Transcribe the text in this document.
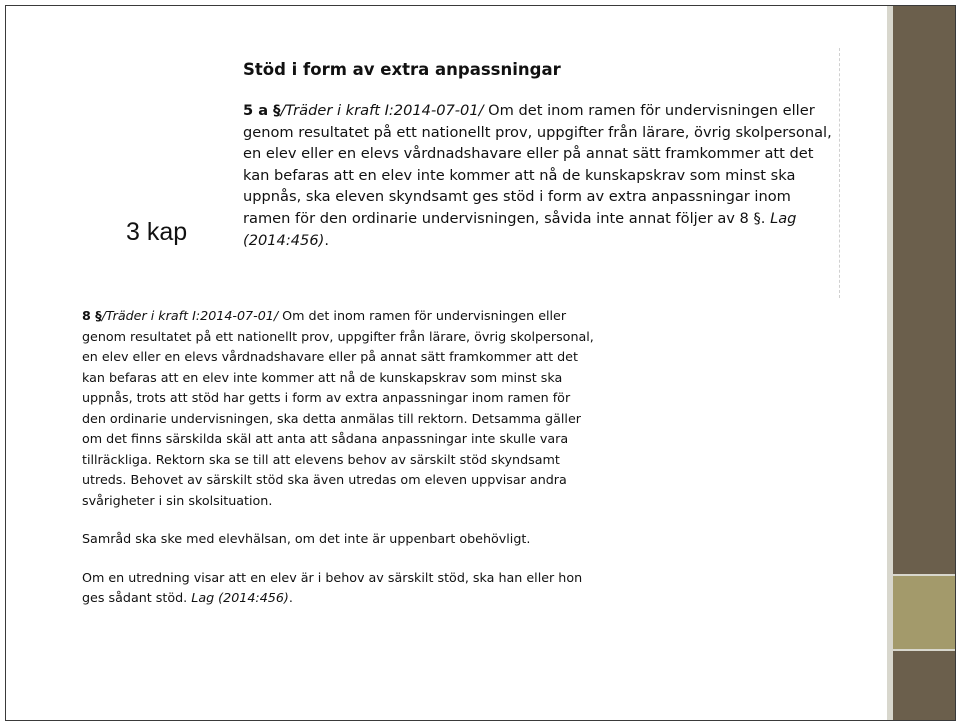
3 kap
Stöd i form av extra anpassningar

5 a §/Träder i kraft I:2014-07-01/ Om det inom ramen för undervisningen eller genom resultatet på ett nationellt prov, uppgifter från lärare, övrig skolpersonal, en elev eller en elevs vårdnadshavare eller på annat sätt framkommer att det kan befaras att en elev inte kommer att nå de kunskapskrav som minst ska uppnås, ska eleven skyndsamt ges stöd i form av extra anpassningar inom ramen för den ordinarie undervisningen, såvida inte annat följer av 8 §. Lag (2014:456).

8 §/Träder i kraft I:2014-07-01/ Om det inom ramen för undervisningen eller genom resultatet på ett nationellt prov, uppgifter från lärare, övrig skolpersonal, en elev eller en elevs vårdnadshavare eller på annat sätt framkommer att det kan befaras att en elev inte kommer att nå de kunskapskrav som minst ska uppnås, trots att stöd har getts i form av extra anpassningar inom ramen för den ordinarie undervisningen, ska detta anmälas till rektorn. Detsamma gäller om det finns särskilda skäl att anta att sådana anpassningar inte skulle vara tillräckliga. Rektorn ska se till att elevens behov av särskilt stöd skyndsamt utreds. Behovet av särskilt stöd ska även utredas om eleven uppvisar andra svårigheter i sin skolsituation.

Samråd ska ske med elevhälsan, om det inte är uppenbart obehövligt.

Om en utredning visar att en elev är i behov av särskilt stöd, ska han eller hon ges sådant stöd. Lag (2014:456).
